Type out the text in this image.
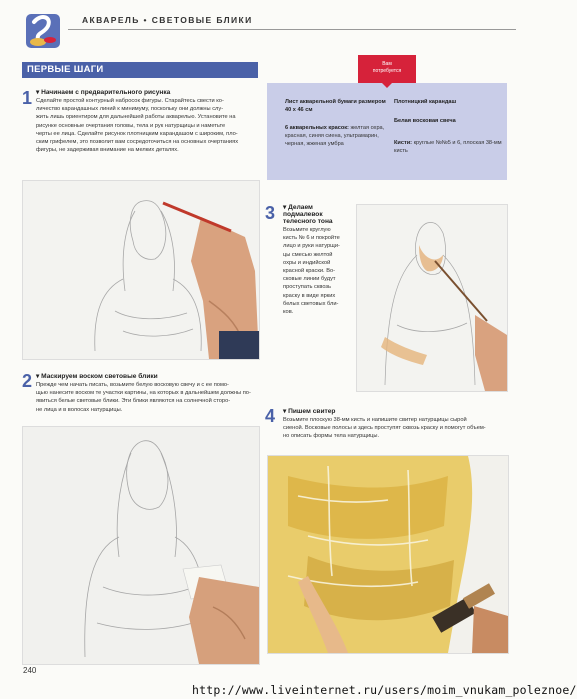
АКВАРЕЛЬ • СВЕТОВЫЕ БЛИКИ
ПЕРВЫЕ ШАГИ	Вам
потребуется
Лист акварельной бумаги размером 40 х 46 см
6 акварельных красок: желтая охра, красная, синяя сиена, ультрамарин, черная, жженая умбра
Плотницкий карандаш
Белая восковая свеча
Кисти: круглые №№5 и 6, плоская 38-мм кисть
1 ▾ Начинаем с предварительного рисунка
Сделайте простой контурный набросок фигуры. Старайтесь свести ко-
личество карандашных линий к минимуму, поскольку они должны слу-
жить лишь ориентиром для дальнейшей работы акварелью. Установите на
рисунке основные очертания головы, тела и рук натурщицы и наметьте
черты ее лица. Сделайте рисунок плотницким карандашом с широким, пло-
ским грифелем, это позволит вам сосредоточиться на основных очертаниях
фигуры, не задерживая внимание на мелких деталях.
2 ▾ Маскируем воском световые блики
Прежде чем начать писать, возьмите белую восковую свечу и с ее помо-
щью нанесите воском те участки картины, на которых в дальнейшем должны по-
явиться белые световые блики. Эти блики являются на солнечной сторо-
не лица и в волосах натурщицы.
3 ▾ Делаем
подмалевок
телесного тона
Возьмите круглую
кисть № 6 и покройте
лицо и руки натурщи-
цы смесью желтой
охры и индийской
красной краски. Во-
сковые линии будут
проступать сквозь
краску в виде ярких
белых световых бли-
ков.
4 ▾ Пишем свитер
Возьмите плоскую 38-мм кисть и напишите свитер натурщицы сырой
сиеной. Восковые полосы и здесь проступят сквозь краску и помогут объем-
но описать формы тела натурщицы.
240
http://www.liveinternet.ru/users/moim_vnukam_poleznoe/
